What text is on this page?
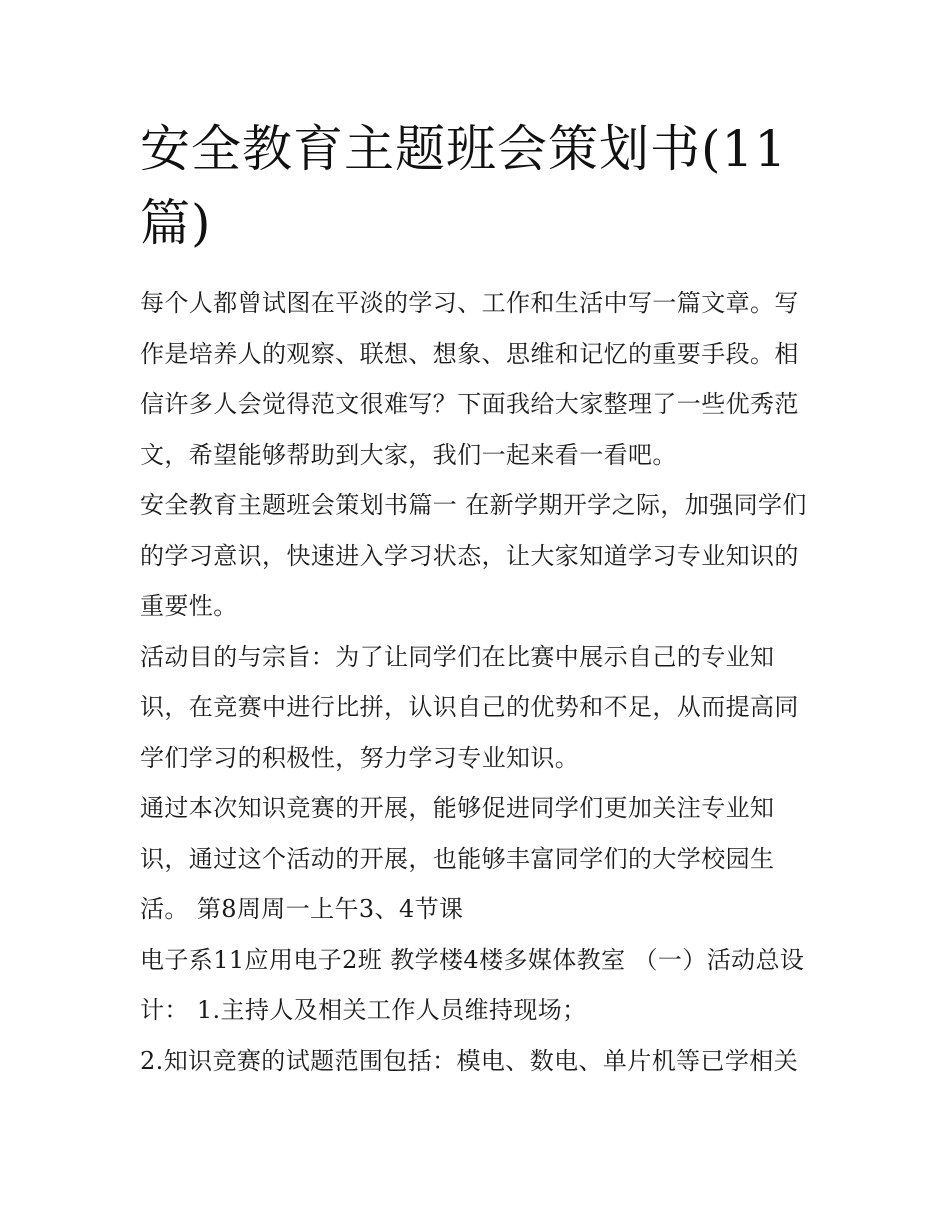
安全教育主题班会策划书(11篇)

每个人都曾试图在平淡的学习、工作和生活中写一篇文章。写作是培养人的观察、联想、想象、思维和记忆的重要手段。相信许多人会觉得范文很难写？下面我给大家整理了一些优秀范文，希望能够帮助到大家，我们一起来看一看吧。

安全教育主题班会策划书篇一 在新学期开学之际，加强同学们的学习意识，快速进入学习状态，让大家知道学习专业知识的重要性。

活动目的与宗旨：为了让同学们在比赛中展示自己的专业知识，在竞赛中进行比拼，认识自己的优势和不足，从而提高同学们学习的积极性，努力学习专业知识。

通过本次知识竞赛的开展，能够促进同学们更加关注专业知识，通过这个活动的开展，也能够丰富同学们的大学校园生活。 第8周周一上午3、4节课

电子系11应用电子2班 教学楼4楼多媒体教室 （一）活动总设计： 1.主持人及相关工作人员维持现场；

2.知识竞赛的试题范围包括：模电、数电、单片机等已学相关
